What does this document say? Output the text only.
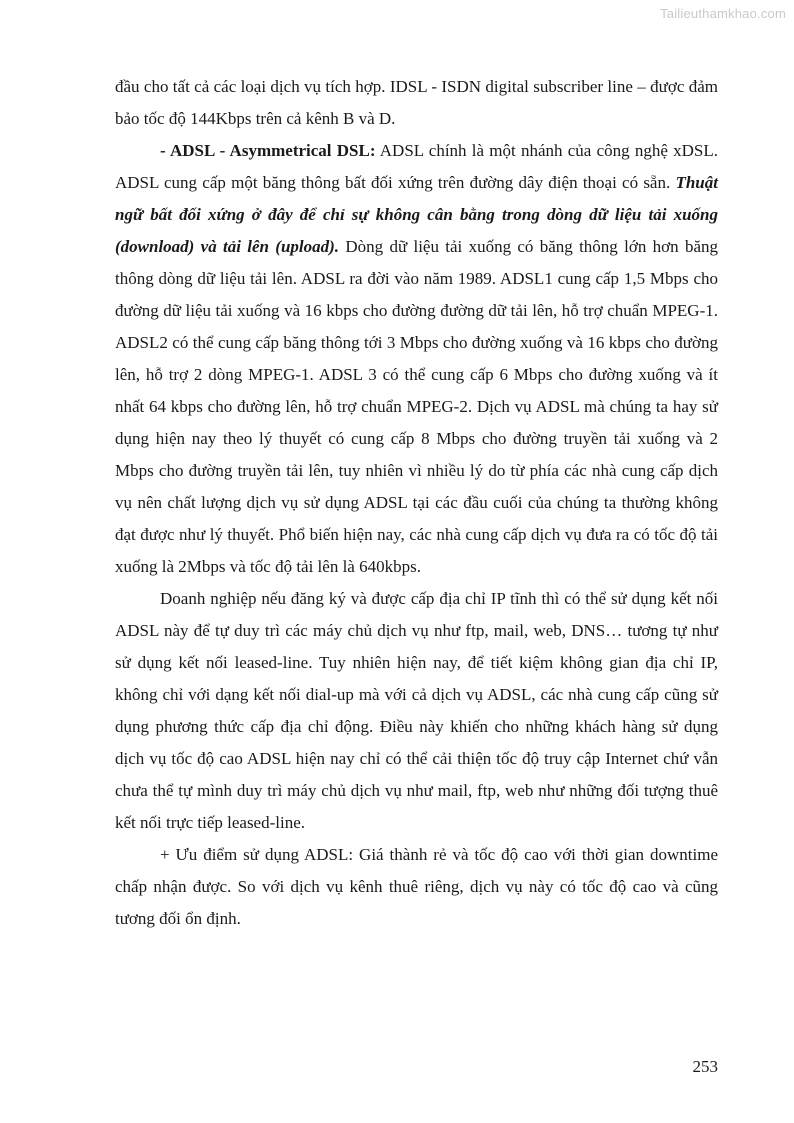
Tailieuthamkhao.com

đầu cho tất cả các loại dịch vụ tích hợp. IDSL - ISDN digital subscriber line – được đảm bảo tốc độ 144Kbps trên cả kênh B và D.

- ADSL - Asymmetrical DSL: ADSL chính là một nhánh của công nghệ xDSL. ADSL cung cấp một băng thông bất đối xứng trên đường dây điện thoại có sẵn. Thuật ngữ bất đối xứng ở đây để chỉ sự không cân bằng trong dòng dữ liệu tải xuống (download) và tải lên (upload). Dòng dữ liệu tải xuống có băng thông lớn hơn băng thông dòng dữ liệu tải lên. ADSL ra đời vào năm 1989. ADSL1 cung cấp 1,5 Mbps cho đường dữ liệu tải xuống và 16 kbps cho đường đường dữ tải lên, hỗ trợ chuẩn MPEG-1. ADSL2 có thể cung cấp băng thông tới 3 Mbps cho đường xuống và 16 kbps cho đường lên, hỗ trợ 2 dòng MPEG-1. ADSL 3 có thể cung cấp 6 Mbps cho đường xuống và ít nhất 64 kbps cho đường lên, hỗ trợ chuẩn MPEG-2. Dịch vụ ADSL mà chúng ta hay sử dụng hiện nay theo lý thuyết có cung cấp 8 Mbps cho đường truyền tải xuống và 2 Mbps cho đường truyền tải lên, tuy nhiên vì nhiều lý do từ phía các nhà cung cấp dịch vụ nên chất lượng dịch vụ sử dụng ADSL tại các đầu cuối của chúng ta thường không đạt được như lý thuyết. Phổ biến hiện nay, các nhà cung cấp dịch vụ đưa ra có tốc độ tải xuống là 2Mbps và tốc độ tải lên là 640kbps.

Doanh nghiệp nếu đăng ký và được cấp địa chỉ IP tĩnh thì có thể sử dụng kết nối ADSL này để tự duy trì các máy chủ dịch vụ như ftp, mail, web, DNS… tương tự như sử dụng kết nối leased-line. Tuy nhiên hiện nay, để tiết kiệm không gian địa chỉ IP, không chỉ với dạng kết nối dial-up mà với cả dịch vụ ADSL, các nhà cung cấp cũng sử dụng phương thức cấp địa chỉ động. Điều này khiến cho những khách hàng sử dụng dịch vụ tốc độ cao ADSL hiện nay chỉ có thể cải thiện tốc độ truy cập Internet chứ vẫn chưa thể tự mình duy trì máy chủ dịch vụ như mail, ftp, web như những đối tượng thuê kết nối trực tiếp leased-line.

+ Ưu điểm sử dụng ADSL: Giá thành rẻ và tốc độ cao với thời gian downtime chấp nhận được. So với dịch vụ kênh thuê riêng, dịch vụ này có tốc độ cao và cũng tương đối ổn định.

253
